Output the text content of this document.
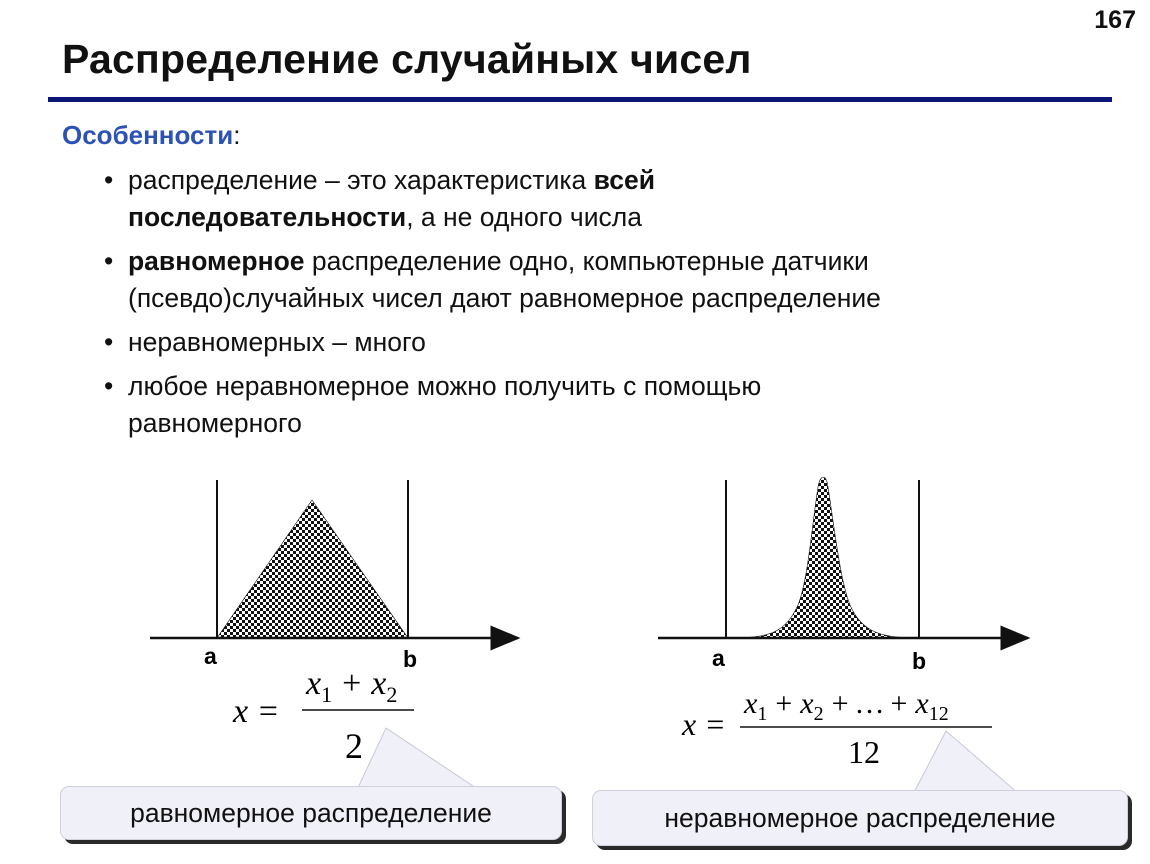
167
Распределение случайных чисел
Особенности:
• распределение – это характеристика всей
последовательности, а не одного числа
• равномерное распределение одно, компьютерные датчики
(псевдо)случайных чисел дают равномерное распределение
• неравномерных – много
• любое неравномерное можно получить с помощью
равномерного
a	b
x =
$x_1 + x_2$
2
a	b
x =
$x_1 + x_2$ + … + $x_{12}$
12
равномерное распределение	неравномерное распределение
